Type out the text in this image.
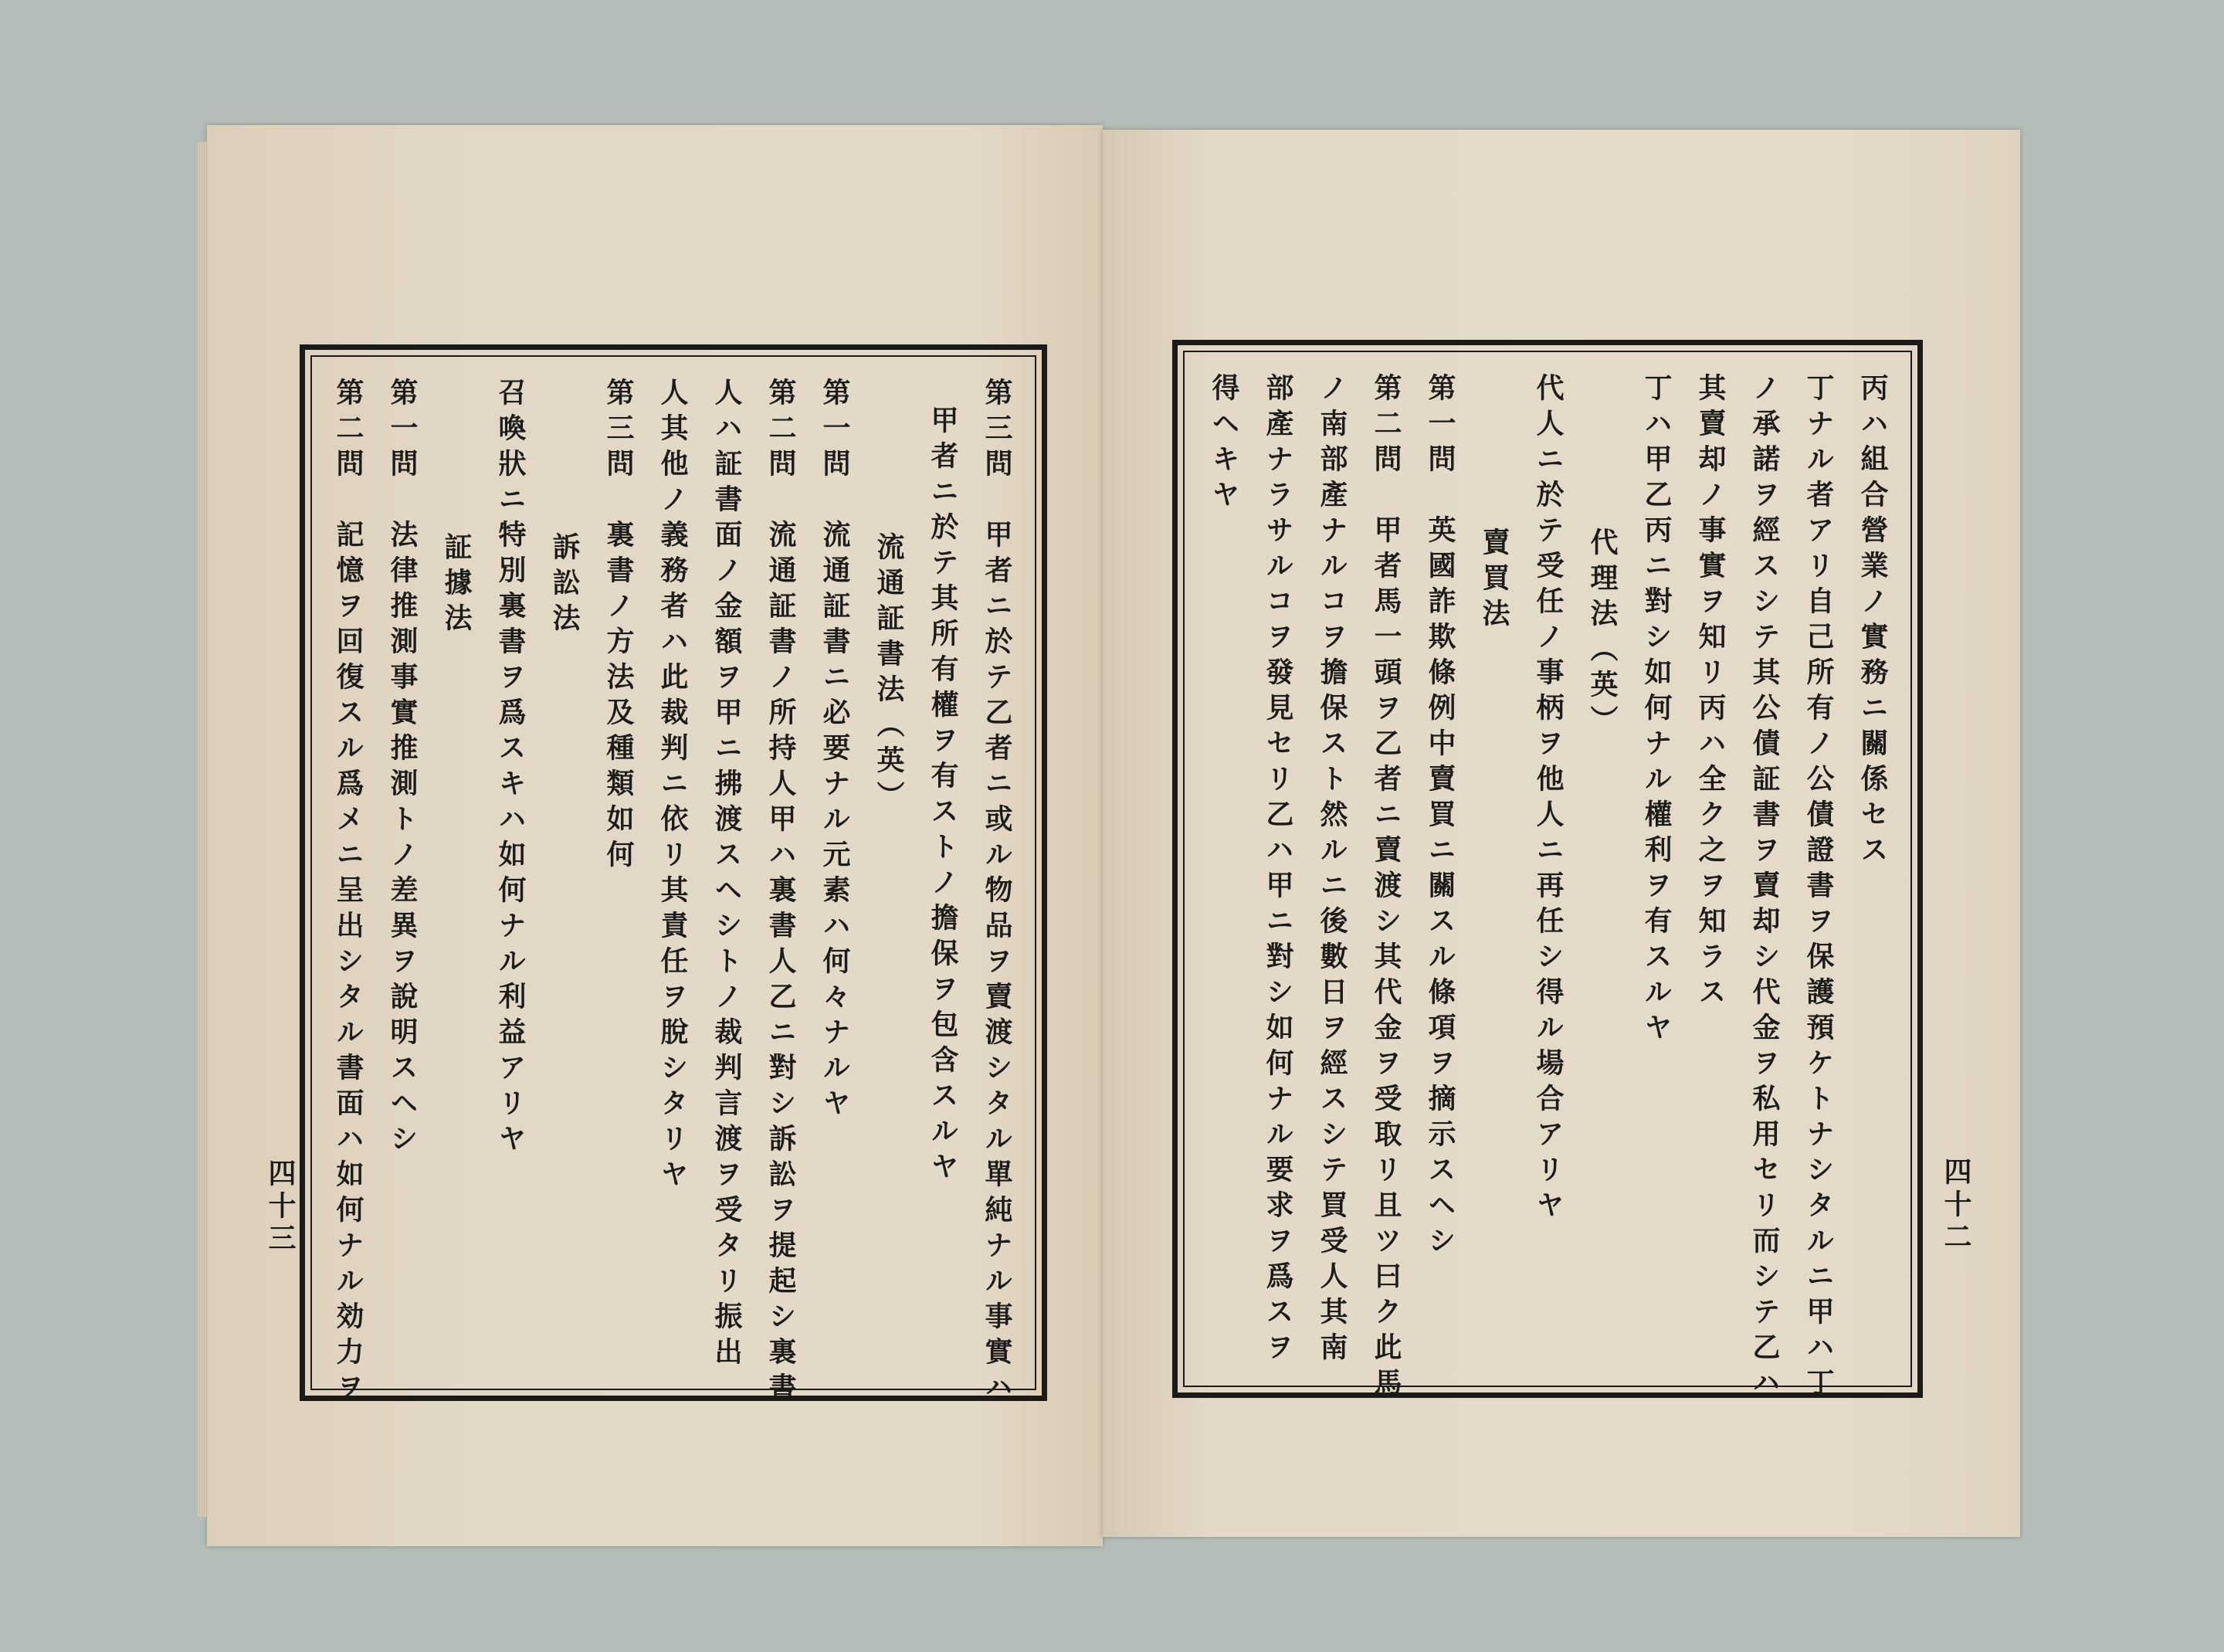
第三問　甲者ニ於テ乙者ニ或ル物品ヲ賣渡シタル單純ナル事實ハ
甲者ニ於テ其所有權ヲ有ストノ擔保ヲ包含スルヤ
流通証書法（英）
第一問　流通証書ニ必要ナル元素ハ何々ナルヤ
第二問　流通証書ノ所持人甲ハ裏書人乙ニ對シ訴訟ヲ提起シ裏書
人ハ証書面ノ金額ヲ甲ニ拂渡スヘシトノ裁判言渡ヲ受タリ振出
人其他ノ義務者ハ此裁判ニ依リ其責任ヲ脫シタリヤ
第三問　裏書ノ方法及種類如何
訴訟法
召喚狀ニ特別裏書ヲ爲スキハ如何ナル利益アリヤ
証據法
第一問　法律推測事實推測トノ差異ヲ說明スヘシ
第二問　記憶ヲ回復スル爲メニ呈出シタル書面ハ如何ナル効力ヲ
四十三
丙ハ組合營業ノ實務ニ關係セス
丁ナル者アリ自己所有ノ公債證書ヲ保護預ケトナシタルニ甲ハ丁
ノ承諾ヲ經スシテ其公債証書ヲ賣却シ代金ヲ私用セリ而シテ乙ハ
其賣却ノ事實ヲ知リ丙ハ全ク之ヲ知ラス
丁ハ甲乙丙ニ對シ如何ナル權利ヲ有スルヤ
代理法（英）
代人ニ於テ受任ノ事柄ヲ他人ニ再任シ得ル場合アリヤ
賣買法
第一問　英國詐欺條例中賣買ニ關スル條項ヲ摘示スヘシ
第二問　甲者馬一頭ヲ乙者ニ賣渡シ其代金ヲ受取リ且ツ曰ク此馬
ノ南部產ナルコヲ擔保スト然ルニ後數日ヲ經スシテ買受人其南
部產ナラサルコヲ發見セリ乙ハ甲ニ對シ如何ナル要求ヲ爲スヲ
得ヘキヤ
四十二
